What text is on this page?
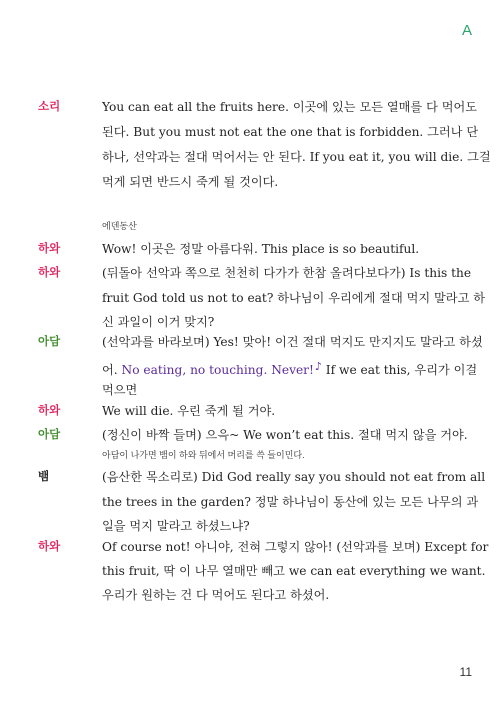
A
소리	You can eat all the fruits here. 이곳에 있는 모든 열매를 다 먹어도
된다. But you must not eat the one that is forbidden. 그러나 단
하나, 선악과는 절대 먹어서는 안 된다. If you eat it, you will die. 그걸
먹게 되면 반드시 죽게 될 것이다.
에덴동산
하와	Wow! 이곳은 정말 아름다워. This place is so beautiful.
하와	(뒤돌아 선악과 쪽으로 천천히 다가가 한참 올려다보다가) Is this the
fruit God told us not to eat? 하나님이 우리에게 절대 먹지 말라고 하
신 과일이 이거 맞지?
아담	(선악과를 바라보며) Yes! 맞아! 이건 절대 먹지도 만지지도 말라고 하셨
어. No eating, no touching. Never!♪ If we eat this, 우리가 이걸
먹으면
하와	We will die. 우린 죽게 될 거야.
아담	(정신이 바짝 들며) 으윽~ We won’t eat this. 절대 먹지 않을 거야.
아담이 나가면 뱀이 하와 뒤에서 머리를 쓱 들이민다.
뱀	(음산한 목소리로) Did God really say you should not eat from all
the trees in the garden? 정말 하나님이 동산에 있는 모든 나무의 과
일을 먹지 말라고 하셨느냐?
하와	Of course not! 아니야, 전혀 그렇지 않아! (선악과를 보며) Except for
this fruit, 딱 이 나무 열매만 빼고 we can eat everything we want.
우리가 원하는 건 다 먹어도 된다고 하셨어.
11
